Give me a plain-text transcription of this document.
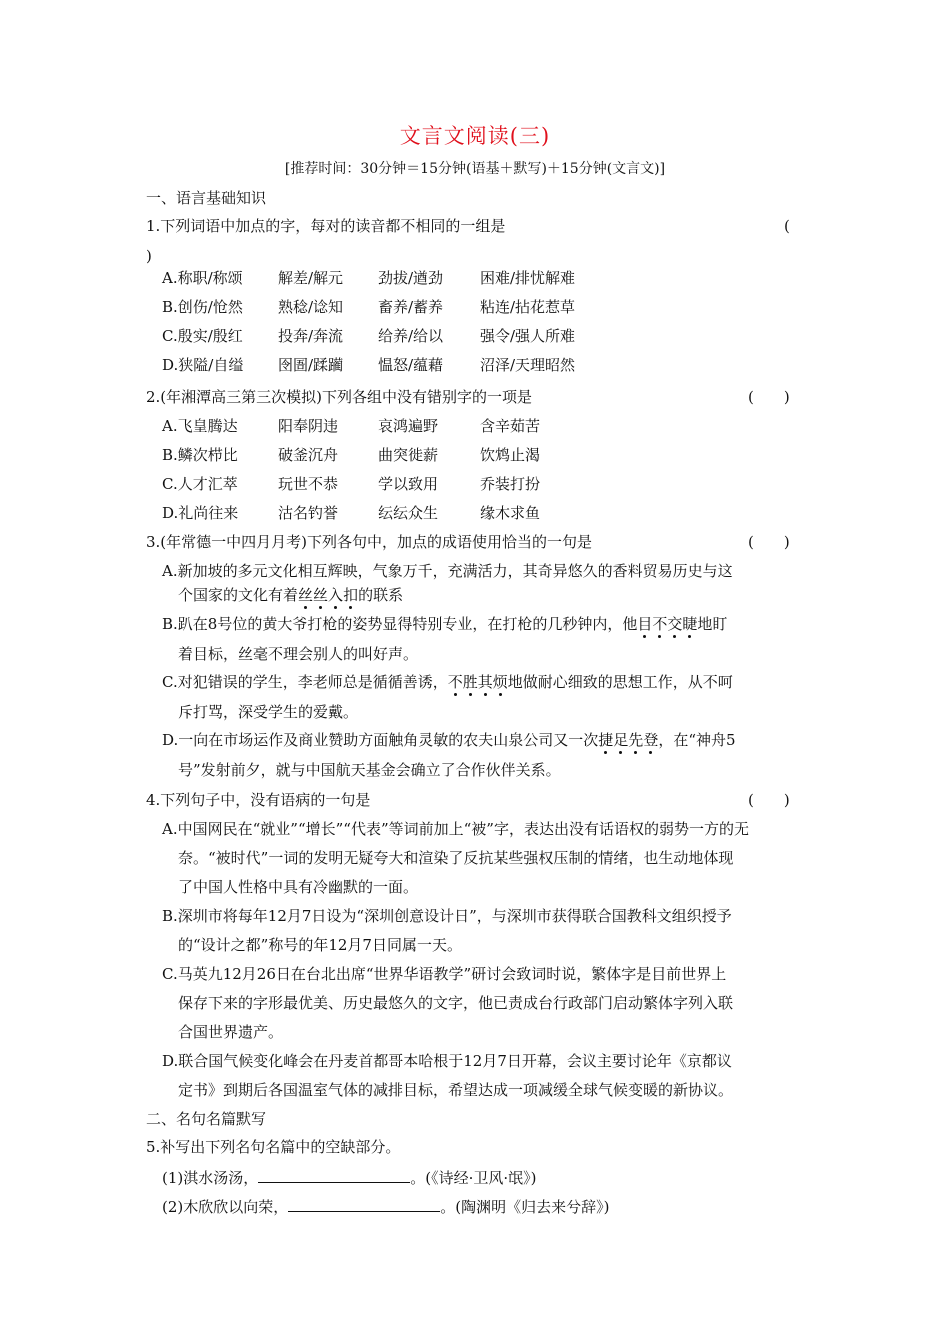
文言文阅读(三)
[推荐时间：30分钟＝15分钟(语基＋默写)＋15分钟(文言文)]
一、语言基础知识
1.下列词语中加点的字，每对的读音都不相同的一组是	(
)
A.称职/称颂 解差/解元 劲拔/遒劲 困难/排忧解难
B.创伤/怆然 熟稔/谂知 畜养/蓄养 粘连/拈花惹草
C.殷实/殷红 投奔/奔流 给养/给以 强令/强人所难
D.狭隘/自缢 囹圄/蹂躏 愠怒/蕴藉 沼泽/天理昭然
2.(年湘潭高三第三次模拟)下列各组中没有错别字的一项是	(　　)
A.飞皇腾达	阳奉阴违	哀鸿遍野	含辛茹苦
B.鳞次栉比	破釜沉舟	曲突徙薪	饮鸩止渴
C.人才汇萃	玩世不恭	学以致用	乔装打扮
D.礼尚往来	沽名钓誉	纭纭众生	缘木求鱼
3.(年常德一中四月月考)下列各句中，加点的成语使用恰当的一句是	(　　)
A.新加坡的多元文化相互辉映，气象万千，充满活力，其奇异悠久的香料贸易历史与这
个国家的文化有着丝丝入扣的联系
B.趴在8号位的黄大爷打枪的姿势显得特别专业，在打枪的几秒钟内，他目不交睫地盯
着目标，丝毫不理会别人的叫好声。
C.对犯错误的学生，李老师总是循循善诱，不胜其烦地做耐心细致的思想工作，从不呵
斥打骂，深受学生的爱戴。
D.一向在市场运作及商业赞助方面触角灵敏的农夫山泉公司又一次捷足先登，在“神舟5
号”发射前夕，就与中国航天基金会确立了合作伙伴关系。
4.下列句子中，没有语病的一句是	(　　)
A.中国网民在“就业”“增长”“代表”等词前加上“被”字，表达出没有话语权的弱势一方的无
奈。“被时代”一词的发明无疑夸大和渲染了反抗某些强权压制的情绪，也生动地体现
了中国人性格中具有冷幽默的一面。
B.深圳市将每年12月7日设为“深圳创意设计日”，与深圳市获得联合国教科文组织授予
的“设计之都”称号的年12月7日同属一天。
C.马英九12月26日在台北出席“世界华语教学”研讨会致词时说，繁体字是目前世界上
保存下来的字形最优美、历史最悠久的文字，他已责成台行政部门启动繁体字列入联
合国世界遗产。
D.联合国气候变化峰会在丹麦首都哥本哈根于12月7日开幕，会议主要讨论年《京都议
定书》到期后各国温室气体的减排目标，希望达成一项减缓全球气候变暖的新协议。
二、名句名篇默写
5.补写出下列名句名篇中的空缺部分。
(1)淇水汤汤，	。(《诗经·卫风·氓》)
(2)木欣欣以向荣，	。(陶渊明《归去来兮辞》)
